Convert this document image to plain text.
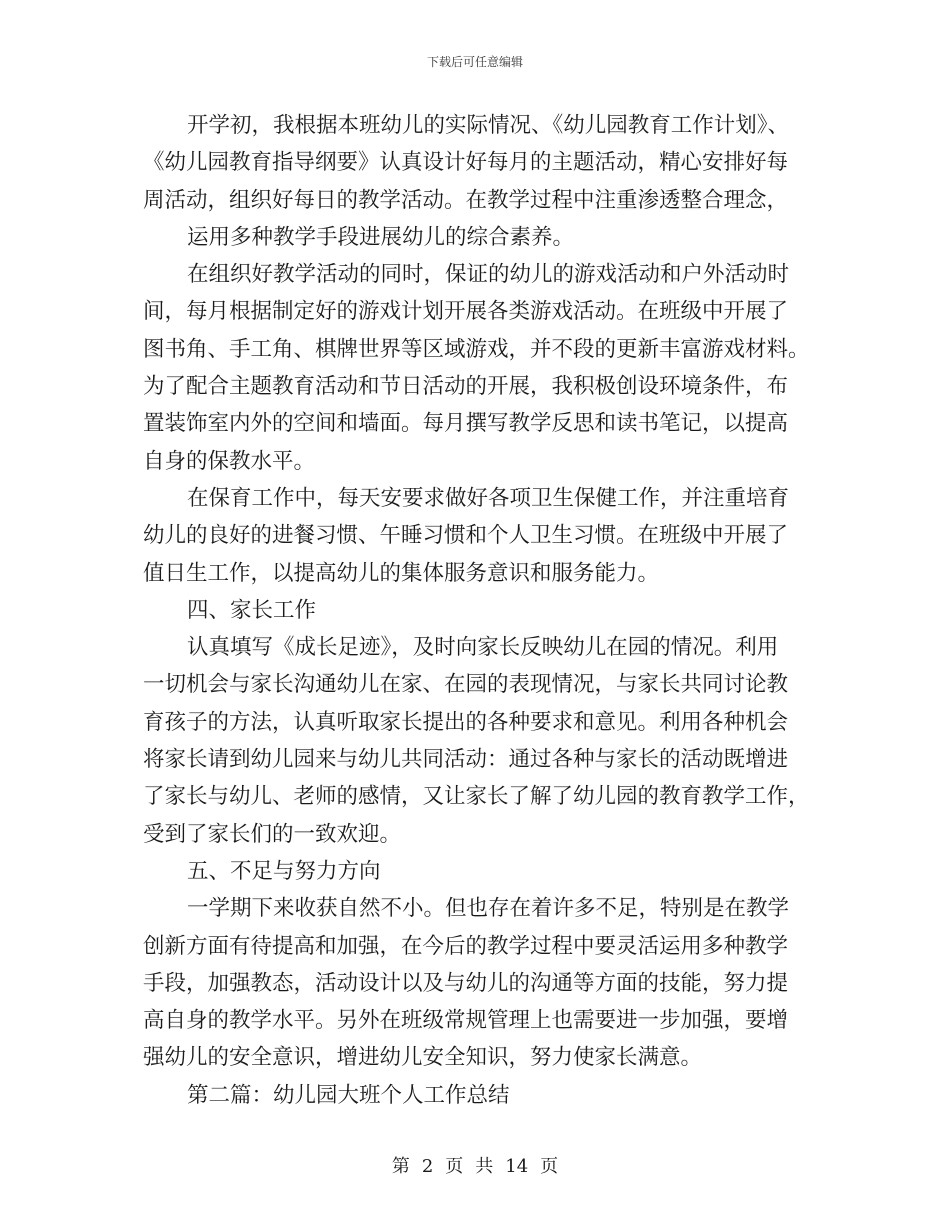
下载后可任意编辑
开学初，我根据本班幼儿的实际情况、《幼儿园教育工作计划》、
《幼儿园教育指导纲要》认真设计好每月的主题活动，精心安排好每
周活动，组织好每日的教学活动。在教学过程中注重渗透整合理念，
运用多种教学手段进展幼儿的综合素养。
在组织好教学活动的同时，保证的幼儿的游戏活动和户外活动时
间，每月根据制定好的游戏计划开展各类游戏活动。在班级中开展了
图书角、手工角、棋牌世界等区域游戏，并不段的更新丰富游戏材料。
为了配合主题教育活动和节日活动的开展，我积极创设环境条件，布
置装饰室内外的空间和墙面。每月撰写教学反思和读书笔记，以提高
自身的保教水平。
在保育工作中，每天安要求做好各项卫生保健工作，并注重培育
幼儿的良好的进餐习惯、午睡习惯和个人卫生习惯。在班级中开展了
值日生工作，以提高幼儿的集体服务意识和服务能力。
四、家长工作
认真填写《成长足迹》，及时向家长反映幼儿在园的情况。利用
一切机会与家长沟通幼儿在家、在园的表现情况，与家长共同讨论教
育孩子的方法，认真听取家长提出的各种要求和意见。利用各种机会
将家长请到幼儿园来与幼儿共同活动：通过各种与家长的活动既增进
了家长与幼儿、老师的感情，又让家长了解了幼儿园的教育教学工作，
受到了家长们的一致欢迎。
五、不足与努力方向
一学期下来收获自然不小。但也存在着许多不足，特别是在教学
创新方面有待提高和加强，在今后的教学过程中要灵活运用多种教学
手段，加强教态，活动设计以及与幼儿的沟通等方面的技能，努力提
高自身的教学水平。另外在班级常规管理上也需要进一步加强，要增
强幼儿的安全意识，增进幼儿安全知识，努力使家长满意。
第二篇：幼儿园大班个人工作总结
第 2 页 共 14 页
